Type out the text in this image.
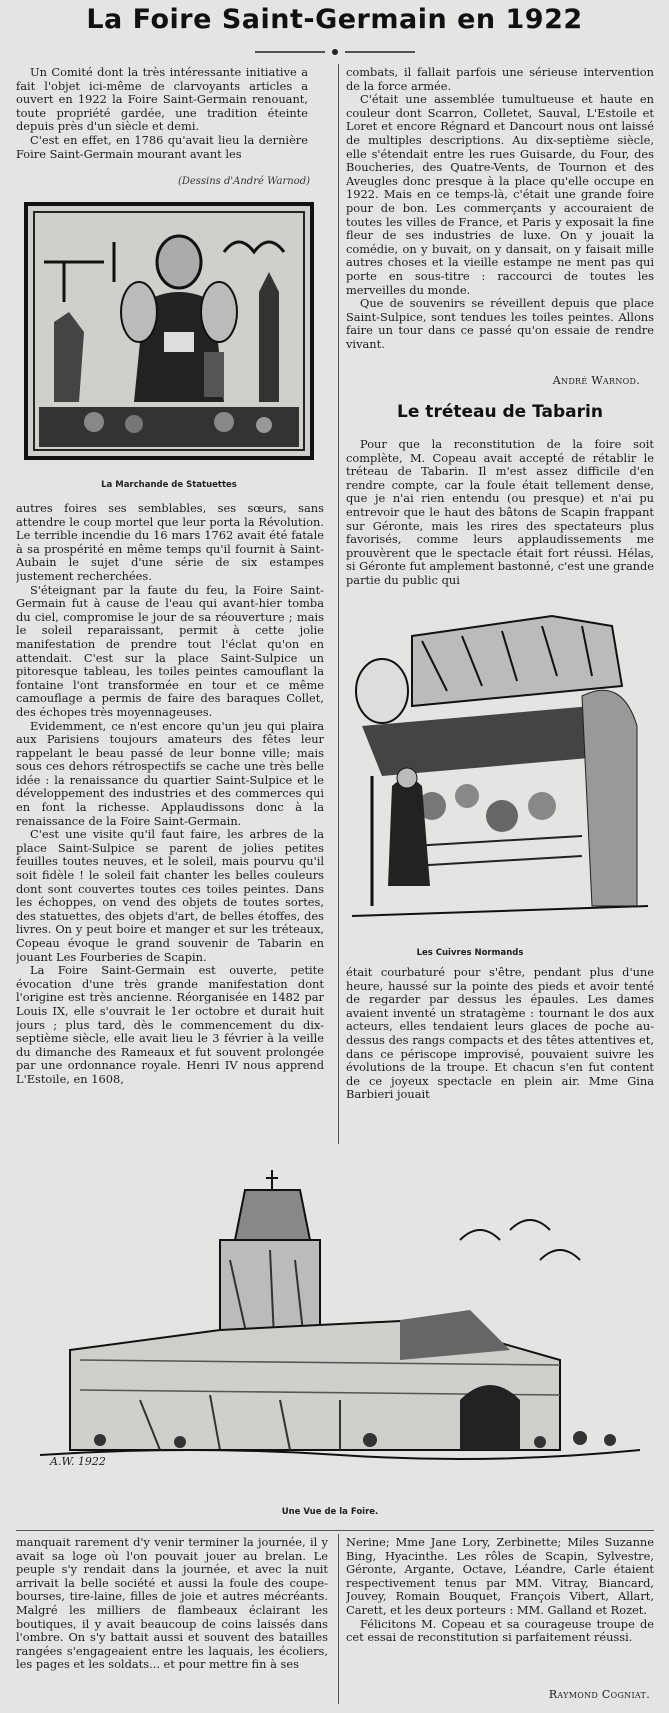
La Foire Saint-Germain en 1922

Un Comité dont la très intéressante initiative a fait l'objet ici-même de clarvoyants articles a ouvert en 1922 la Foire Saint-Germain renouant, toute propriété gardée, une tradition éteinte depuis près d'un siècle et demi.

C'est en effet, en 1786 qu'avait lieu la dernière Foire Saint-Germain mourant avant les

(Dessins d'André Warnod)
La Marchande de Statuettes

autres foires ses semblables, ses sœurs, sans attendre le coup mortel que leur porta la Révolution. Le terrible incendie du 16 mars 1762 avait été fatale à sa prospérité en même temps qu'il fournit à Saint-Aubain le sujet d'une série de six estampes justement recherchées.

S'éteignant par la faute du feu, la Foire Saint-Germain fut à cause de l'eau qui avant-hier tomba du ciel, compromise le jour de sa réouverture ; mais le soleil reparaissant, permit à cette jolie manifestation de prendre tout l'éclat qu'on en attendait. C'est sur la place Saint-Sulpice un pitoresque tableau, les toiles peintes camouflant la fontaine l'ont transformée en tour et ce même camouflage a permis de faire des baraques Collet, des échopes très moyennageuses.

Evidemment, ce n'est encore qu'un jeu qui plaira aux Parisiens toujours amateurs des fêtes leur rappelant le beau passé de leur bonne ville; mais sous ces dehors rétrospectifs se cache une très belle idée : la renaissance du quartier Saint-Sulpice et le développement des industries et des commerces qui en font la richesse. Applaudissons donc à la renaissance de la Foire Saint-Germain.

C'est une visite qu'il faut faire, les arbres de la place Saint-Sulpice se parent de jolies petites feuilles toutes neuves, et le soleil, mais pourvu qu'il soit fidèle ! le soleil fait chanter les belles couleurs dont sont couvertes toutes ces toiles peintes. Dans les échoppes, on vend des objets de toutes sortes, des statuettes, des objets d'art, de belles étoffes, des livres. On y peut boire et manger et sur les tréteaux, Copeau évoque le grand souvenir de Tabarin en jouant Les Fourberies de Scapin.

La Foire Saint-Germain est ouverte, petite évocation d'une très grande manifestation dont l'origine est très ancienne. Réorganisée en 1482 par Louis IX, elle s'ouvrait le 1er octobre et durait huit jours ; plus tard, dès le commencement du dix-septième siècle, elle avait lieu le 3 février à la veille du dimanche des Rameaux et fut souvent prolongée par une ordonnance royale. Henri IV nous apprend L'Estoile, en 1608,

combats, il fallait parfois une sérieuse intervention de la force armée.

C'était une assemblée tumultueuse et haute en couleur dont Scarron, Colletet, Sauval, L'Estoile et Loret et encore Régnard et Dancourt nous ont laissé de multiples descriptions. Au dix-septième siècle, elle s'étendait entre les rues Guisarde, du Four, des Boucheries, des Quatre-Vents, de Tournon et des Aveugles donc presque à la place qu'elle occupe en 1922. Mais en ce temps-là, c'était une grande foire pour de bon. Les commerçants y accouraient de toutes les villes de France, et Paris y exposait la fine fleur de ses industries de luxe. On y jouait la comédie, on y buvait, on y dansait, on y faisait mille autres choses et la vieille estampe ne ment pas qui porte en sous-titre : raccourci de toutes les merveilles du monde.

Que de souvenirs se réveillent depuis que place Saint-Sulpice, sont tendues les toiles peintes. Allons faire un tour dans ce passé qu'on essaie de rendre vivant.

André Warnod.
Le tréteau de Tabarin

Pour que la reconstitution de la foire soit complète, M. Copeau avait accepté de rétablir le tréteau de Tabarin. Il m'est assez difficile d'en rendre compte, car la foule était tellement dense, que je n'ai rien entendu (ou presque) et n'ai pu entrevoir que le haut des bâtons de Scapin frappant sur Géronte, mais les rires des spectateurs plus favorisés, comme leurs applaudissements me prouvèrent que le spectacle était fort réussi. Hélas, si Géronte fut amplement bastonné, c'est une grande partie du public qui

Les Cuivres Normands

était courbaturé pour s'être, pendant plus d'une heure, haussé sur la pointe des pieds et avoir tenté de regarder par dessus les épaules. Les dames avaient inventé un stratagème : tournant le dos aux acteurs, elles tendaient leurs glaces de poche au-dessus des rangs compacts et des têtes attentives et, dans ce périscope improvisé, pouvaient suivre les évolutions de la troupe. Et chacun s'en fut content de ce joyeux spectacle en plein air. Mme Gina Barbieri jouait

A.W. 1922
Une Vue de la Foire.

manquait rarement d'y venir terminer la journée, il y avait sa loge où l'on pouvait jouer au brelan. Le peuple s'y rendait dans la journée, et avec la nuit arrivait la belle société et aussi la foule des coupe-bourses, tire-laine, filles de joie et autres mécréants. Malgré les milliers de flambeaux éclairant les boutiques, il y avait beaucoup de coins laissés dans l'ombre. On s'y battait aussi et souvent des batailles rangées s'engageaient entre les laquais, les écoliers, les pages et les soldats... et pour mettre fin à ses

Nerine; Mme Jane Lory, Zerbinette; Miles Suzanne Bing, Hyacinthe. Les rôles de Scapin, Sylvestre, Géronte, Argante, Octave, Léandre, Carle étaient respectivement tenus par MM. Vitray, Biancard, Jouvey, Romain Bouquet, François Vibert, Allart, Carett, et les deux porteurs : MM. Galland et Rozet.

Félicitons M. Copeau et sa courageuse troupe de cet essai de reconstitution si parfaitement réussi.

Raymond Cogniat.
